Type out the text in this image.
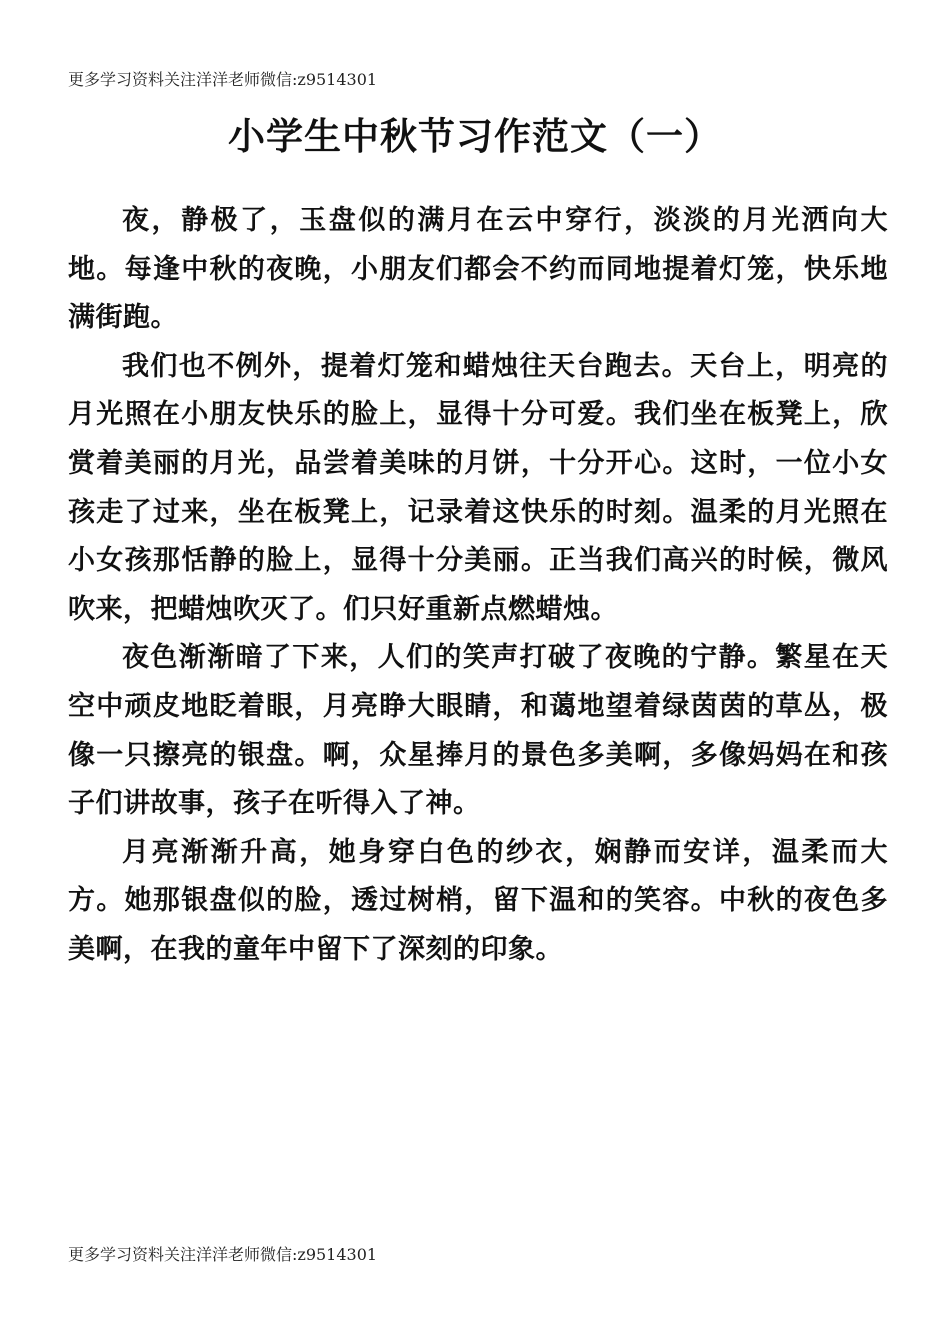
更多学习资料关注洋洋老师微信:z9514301
小学生中秋节习作范文（一）

夜，静极了，玉盘似的满月在云中穿行，淡淡的月光洒向大地。每逢中秋的夜晚，小朋友们都会不约而同地提着灯笼，快乐地满街跑。

我们也不例外，提着灯笼和蜡烛往天台跑去。天台上，明亮的月光照在小朋友快乐的脸上，显得十分可爱。我们坐在板凳上，欣赏着美丽的月光，品尝着美味的月饼，十分开心。这时，一位小女孩走了过来，坐在板凳上，记录着这快乐的时刻。温柔的月光照在小女孩那恬静的脸上，显得十分美丽。正当我们高兴的时候，微风吹来，把蜡烛吹灭了。们只好重新点燃蜡烛。

夜色渐渐暗了下来，人们的笑声打破了夜晚的宁静。繁星在天空中顽皮地眨着眼，月亮睁大眼睛，和蔼地望着绿茵茵的草丛，极像一只擦亮的银盘。啊，众星捧月的景色多美啊，多像妈妈在和孩子们讲故事，孩子在听得入了神。

月亮渐渐升高，她身穿白色的纱衣，娴静而安详，温柔而大方。她那银盘似的脸，透过树梢，留下温和的笑容。中秋的夜色多美啊，在我的童年中留下了深刻的印象。

更多学习资料关注洋洋老师微信:z9514301
